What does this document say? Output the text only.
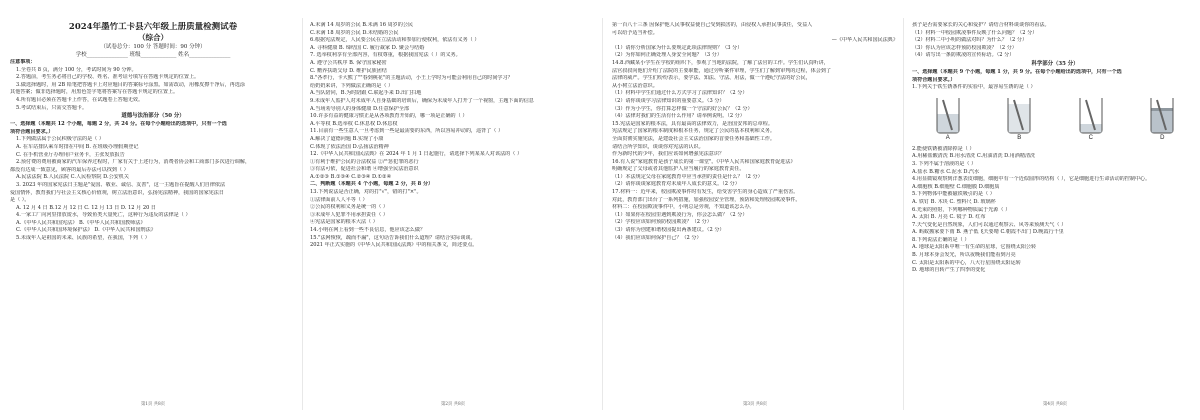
2024年墨竹工卡县六年级上册质量检测试卷
（综合）
（试卷总分：100 分 答题时间：90 分钟）
学校_______________ 班级_____________ 姓名_______________
注意事项：
1.全卷共 8 页，满分 100 分，考试时间为 90 分钟。
2.答题前，考生务必将自己的学校、姓名、准考证号填写在答题卡规定的位置上。
3.做选择题时，用 2B 铅笔把答题卡上对应题目的答案标号涂黑。如需改动，用橡皮擦干净后，再选涂
其他答案；做非选择题时，用黑色签字笔将答案写在答题卡规定的位置上。
4.所有题目必须在答题卡上作答，在试题卷上答题无效。
5.考试结束后，只需交答题卡。
道德与法治部分（50 分）
一、选择题（本题共 12 个小题，每题 2 分，共 24 分。在每个小题给出的选项中，只有一个选
项符合题目要求。）
1.下列做法属于公民积极守法的是（ ）
A. 在车站排队乘车时排在中间 B. 在班级办理假期登记
C. 在手机营业厅办理用户业务卡，主张发放报告
2.预付费的费用被商家的汽车保养过程时，厂家有关于上述行为，消费者协会和工商部门多次进行调解，
都没有达成一致意见，顾客的最后办法可以找到（ ）
A.民法法院 B.人民法院 C.人民检察院 D.公安机关
3. 2023 年的国家宪法日主题是"爱国、敬业、诚信、友善"，这一主题旨在提醒人们自律依法
爱国情怀，教育我们与社会主义核心价值观，树立法治意识，弘扬宪法精神，我国的国家宪法日
是（ ）。
A. 12 月 4 日 B.12 月 12 日 C. 12 月 13 日 D. 12 月 20 日
4.一家工厂向河里排放废水，导致鱼类大量死亡，这种行为违反的法律是（ ）
A.《中华人民共和国宪法》 B.《中华人民共和国教师法》
C.《中华人民共和国环境保护法》 D.《中华人民共和国刑法》
5.未成年人是祖国的未来、民族的希望，在我国，下列（ ）
A.未满 14 周岁的公民 B.未满 16 周岁的公民
C.未满 18 周岁的公民 D.未结婚的公民
6.根据宪法规定，人民要公民在立法活动和参加行使权利，依法有义务（ ）
A. 寻科健康 B. 缔结国 C. 履行裁家 D. 聚会与结婚
7. 选举权利享有全部内容，有权尊重，根据我国宪法（ ）的义务。
A. 遵守公共秩序 B. 保守国家秘密
C. 赡养扶助父母 D. 维护民族团结
8."各孝行，卡大熊了""春到桃花"的主题活动，小王上学时为可能会利用自己的时间学习？
给奶奶来讲，下列做法正确的是（ ）
A.当队陪同，B.为时陪跟 C.联起手来 D.出门扫地
9.未成年人监护人对未成年人自身基础的培训后，确保为未成年人打开了一个视窗，主题下面的信息
A.当场劝导别人的身体健康 D.任意保护全部
10.许多有益的健康习惯正是从各项教育开始的，哪一项是正确的（ ）
A.平等权 B.选举权 C.休息权 D.休息权
11.目前有一些生意人一旦考虑到一些是最需要的东西，所以容易冲动的，违背了（ ）
A.解决了道德问题 B.实现了小康
C.体现了依法治国 D.弘扬法治精神
12.《中华人民共和国民法典》在 2024 年 1 月 1 日起施行，请选择下列某某人对该法的（ ）
①有利于维护公民的合法权益 ②严惩犯罪的恶行
③有法可依，促进社会和谐 ④增强全民法治意识
A.①②③ B.①③④ C.②③④ D.①②④
二、判断题（本题共 4 个小题，每题 2 分，共 8 分）
13.下列说法是否正确，对的打"√"，错的打"×"。
①法律面前人人平等（ ）
②公民的权利和义务是统一的（ ）
③未成年人犯罪不用承担责任（ ）
④宪法是国家的根本大法（ ）
14.小明在网上看到一些不良信息，他应该怎么做？
15."法网恢恢，疏而不漏"，这句话告诉我们什么道理？请结合实际谈谈。
2021 年正式实施的《中华人民共和国民法典》中的相关条文，简述要点。
第一百八十三条 因保护他人民事权益使自己受到损害的，由侵权人承担民事责任，受益人
可以给予适当补偿。
—《中华人民共和国民法典》
（1）请你分析国家为什么要规定此项法律规则？（3 分）
（2）为你如何正确处理人身安全问题？（3 分）
14.8.西藏某小学生在学校的组织下，参观了当地的法院，了解了法官的工作。学生们认真听讲，
法官叔叔向他们介绍了法院的主要职能，通过旁听案件审理，学生们了解到审判的过程，体会到了
法律的威严。学生们纷纷表示，要学法、知法、守法、用法，做一个遵纪守法的好公民，
从小树立法治意识。
（1）材料中学生们通过什么方式学习了法律知识？（2 分）
（2）请你谈谈学习法律知识的重要意义。（3 分）
（3）作为小学生，你打算怎样做一个守法的好公民？（2 分）
（4）法律对我们的生活有什么作用？请举例说明。（2 分）
15.宪法是国家的根本法，具有最高的法律效力，是治国安邦的总章程。
宪法规定了国家的根本制度和根本任务，规定了公民的基本权利和义务。
全面贯彻实施宪法，是建设社会主义法治国家的首要任务和基础性工作。
请结合所学知识，谈谈你对宪法的认识。
作为新时代的少年，我们应该如何增强宪法意识？
16.有人说"家庭教育是孩子成长的第一课堂"。《中华人民共和国家庭教育促进法》
明确规定了父母或者其他监护人应当履行的家庭教育责任。
（1）本法规定父母在家庭教育中应当承担的责任是什么？（2 分）
（2）请你谈谈家庭教育对未成年人成长的意义。（2 分）
17.材料一：近年来，校园欺凌事件时有发生，给受害学生的身心造成了严重伤害。
对此，教育部门出台了一系列措施，加强校园安全管理，预防和处理校园欺凌事件。
材料二：在校园欺凌事件中，小明总是旁观，不知道该怎么办。
（1）如果你在校园里遇到欺凌行为，你会怎么做？（2 分）
（2）学校应该如何预防校园欺凌？（2 分）
（3）请你为创建和谐校园提出两条建议。（2 分）
（4）我们应该如何保护自己？（2 分）
孩子是否需要家长的关心和爱护？请结合材料谈谈你的看法。
（1）材料一中校园欺凌事件反映了什么问题？（2 分）
（2）材料二中小明的做法对吗？为什么？（2 分）
（3）你认为应该怎样预防校园欺凌？（2 分）
（4）请写出一条防欺凌的宣传标语。（2 分）
科学部分（35 分）
一、选择题（本题共 9 个小题，每题 1 分，共 9 分。在每个小题给出的选项中，只有一个选
项符合题目要求。）
1.下列关于铁生锈条件的实验中，最容易生锈的是（ ）
A	B	C	D
2.能使铁锈被清除掉是（ ）
A.用稀盐酸清洗 B.用水清洗 C.用油清洗 D.用酒精清洗
3. 下列不属于溶液的是（ ）
A.盐水 B.糖水 C.泥水 D.汽水
4.用显微镜观察到洋葱表皮细胞，细胞中有一个近似圆形的结构（ ），它是细胞进行生命活动的控制中心。
A.细胞核 B.细胞壁 C.细胞膜 D.细胞质
5.下列物体中能被磁铁吸引的是（ ）
A. 铁钉 B. 木块 C. 塑料尺 D. 玻璃杯
6.光束的照射，下列哪种物质属于光源（ ）
A. 太阳 B. 月亮 C. 镜子 D. 红布
7.天气变化是自然现象，人们可以通过观察云、风等来预测天气（ ）
A. 蚂蚁搬家要下雨 B. 燕子低飞天要晴 C.朝霞不出门 D.晚霞行千里
8.下列说法正确的是（ ）
A. 地球是太阳系中唯一有生命的星球，它围绕太阳公转
B. 月球本身会发光，所以夜晚我们能看到月亮
C. 太阳是太阳系的中心，八大行星围绕太阳运转
D. 地球的自转产生了四季的变化
第1页 共8页	第2页 共8页	第3页 共8页	第4页 共8页
